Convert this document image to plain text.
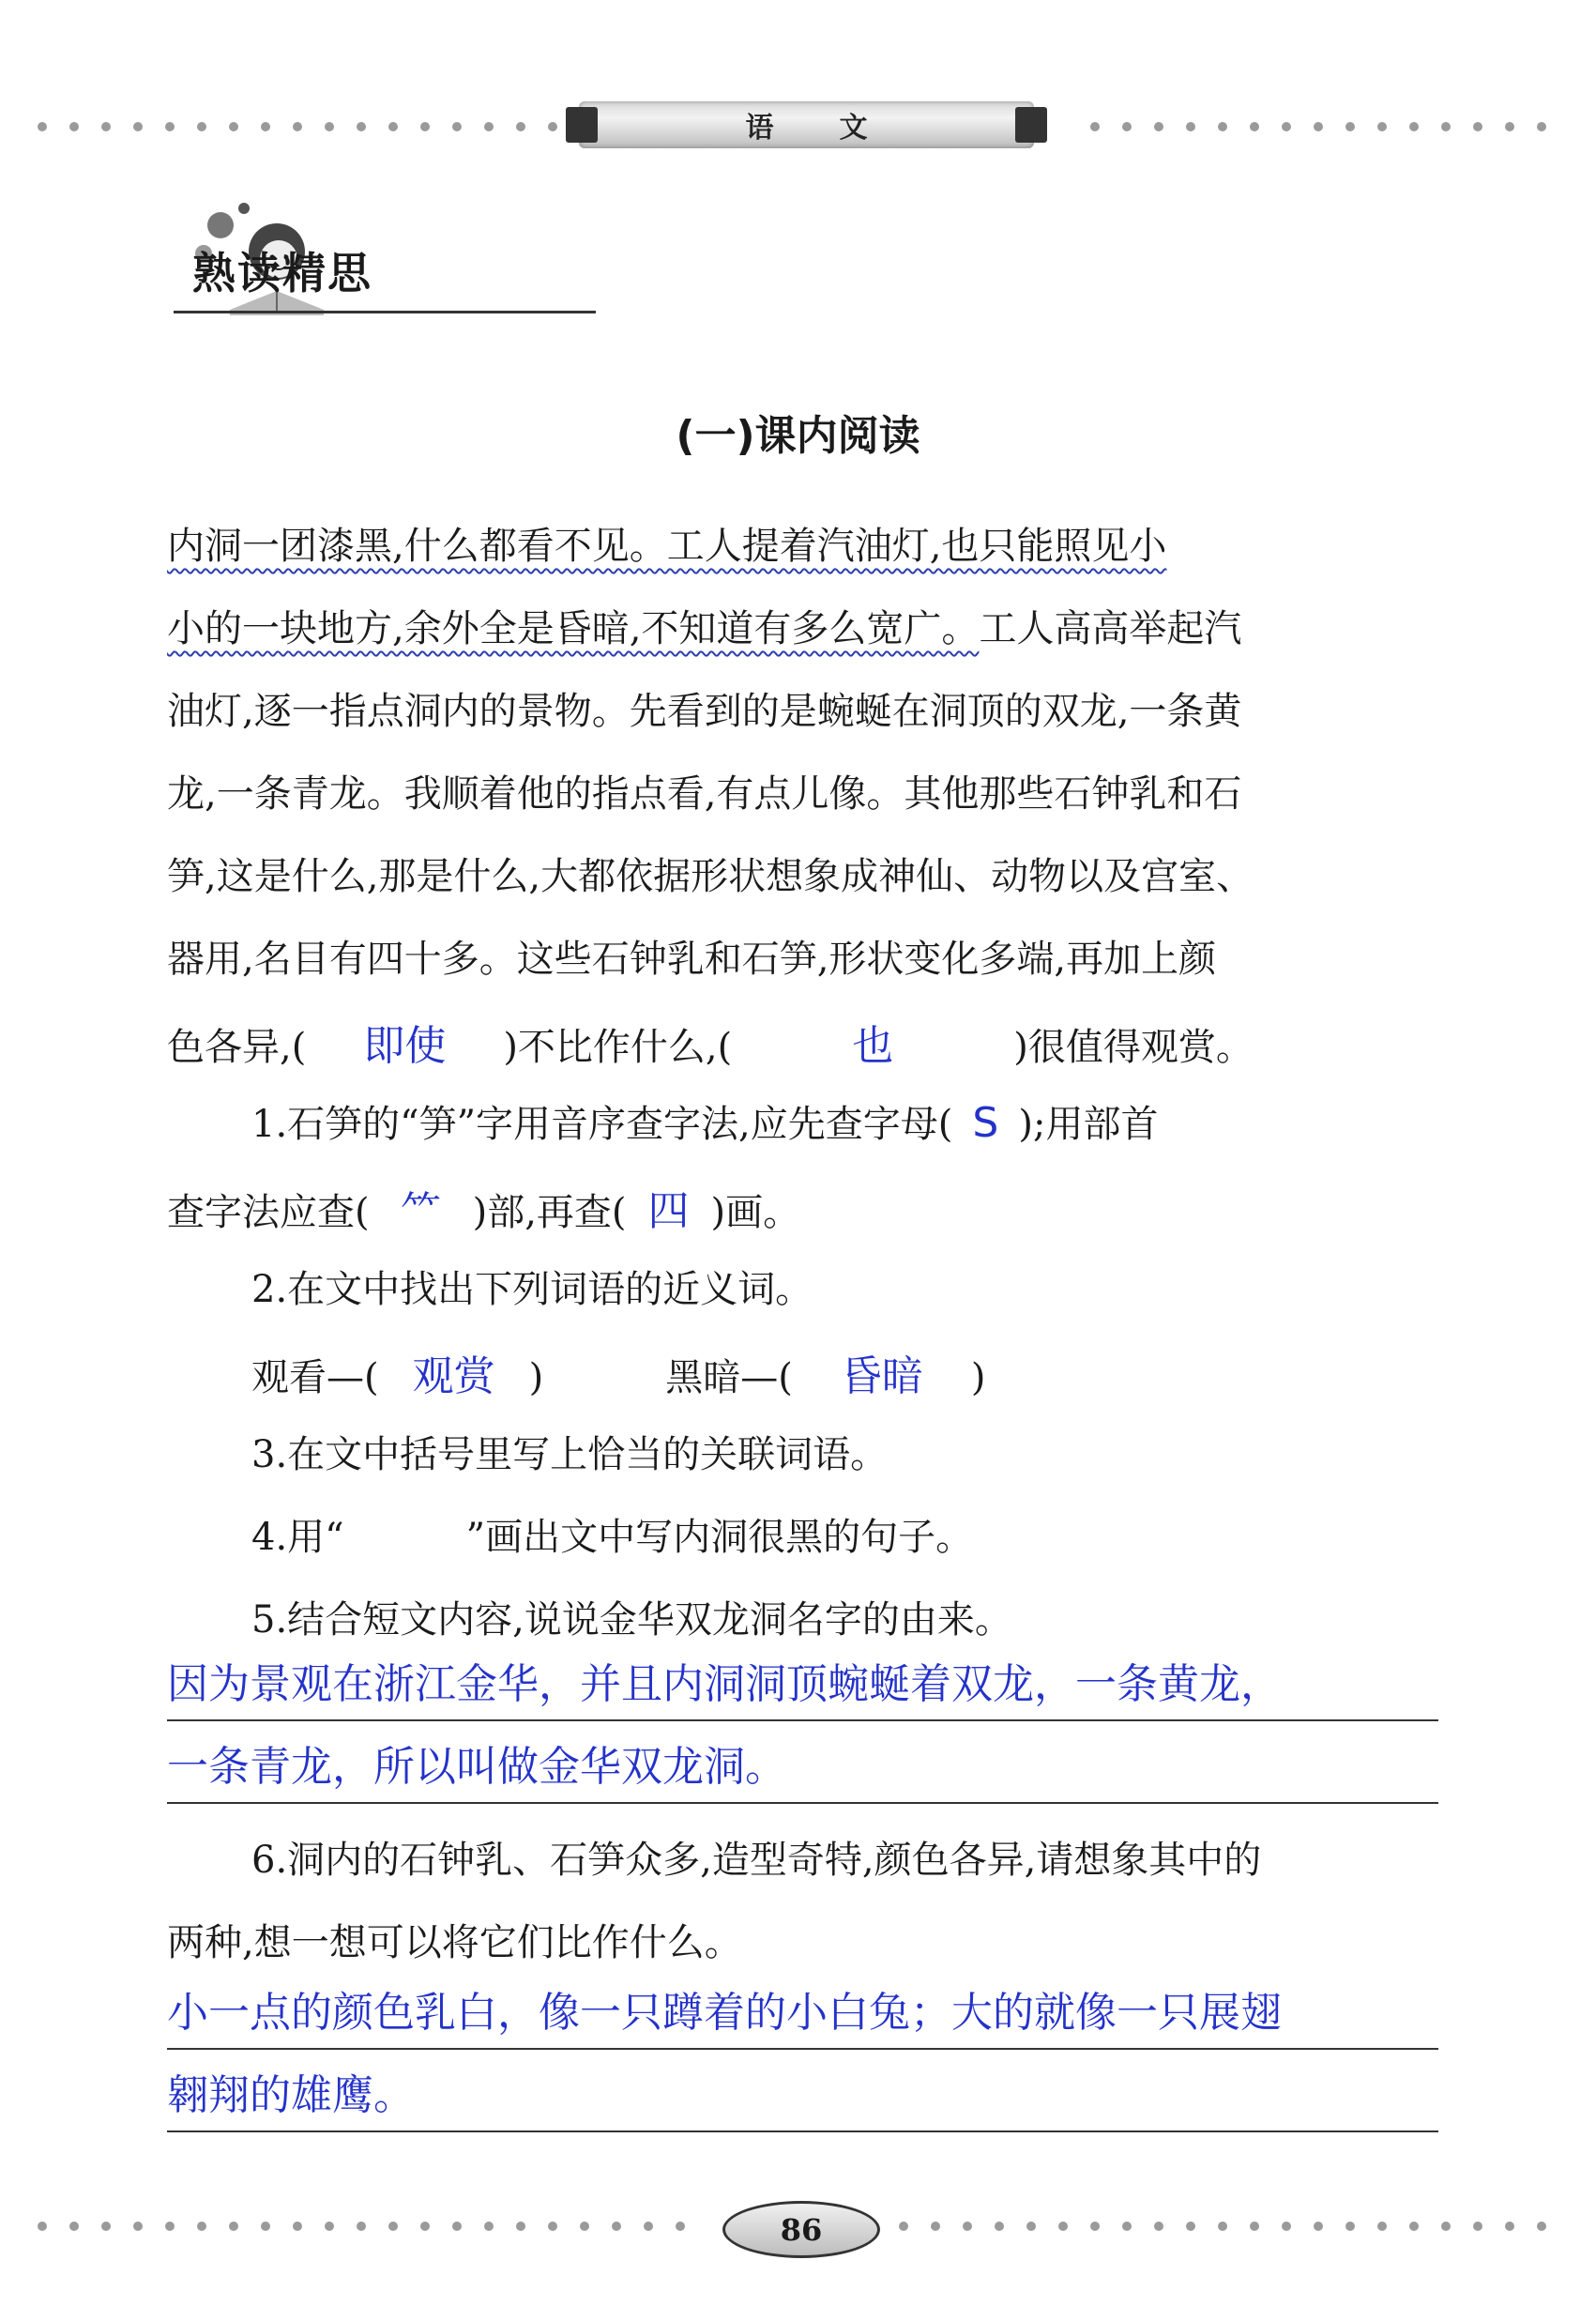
语文
熟读精思
(一)课内阅读
内洞一团漆黑,什么都看不见。工人提着汽油灯,也只能照见小
小的一块地方,余外全是昏暗,不知道有多么宽广。工人高高举起汽
油灯,逐一指点洞内的景物。先看到的是蜿蜒在洞顶的双龙,一条黄
龙,一条青龙。我顺着他的指点看,有点儿像。其他那些石钟乳和石
笋,这是什么,那是什么,大都依据形状想象成神仙、动物以及宫室、
器用,名目有四十多。这些石钟乳和石笋,形状变化多端,再加上颜
色各异,( 即使 )不比作什么,(	也	)很值得观赏。
1.石笋的“笋”字用音序查字法,应先查字母( S );用部首
查字法应查( ⺮ )部,再查( 四 )画。
2.在文中找出下列词语的近义词。
观看—( 观赏 )	黑暗—( 昏暗 )
3.在文中括号里写上恰当的关联词语。
4.用“	”画出文中写内洞很黑的句子。
5.结合短文内容,说说金华双龙洞名字的由来。
因为景观在浙江金华，并且内洞洞顶蜿蜒着双龙，一条黄龙，
一条青龙，所以叫做金华双龙洞。
6.洞内的石钟乳、石笋众多,造型奇特,颜色各异,请想象其中的
两种,想一想可以将它们比作什么。
小一点的颜色乳白，像一只蹲着的小白兔；大的就像一只展翅
翱翔的雄鹰。
86
